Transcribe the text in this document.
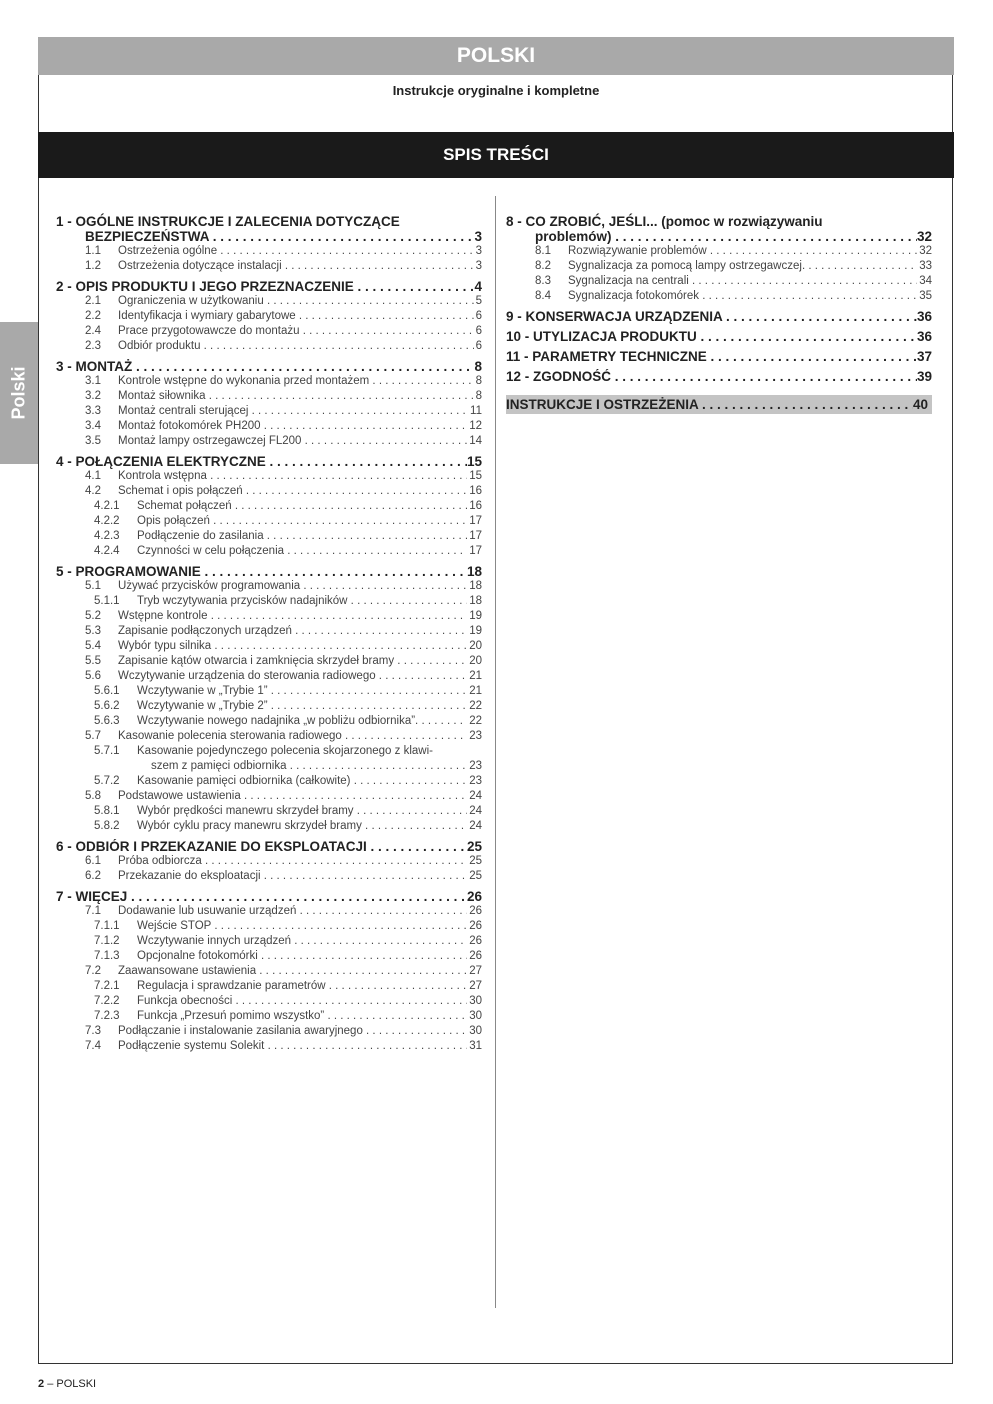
POLSKI
Instrukcje oryginalne i kompletne
SPIS TREŚCI
Polski
1 - OGÓLNE INSTRUKCJE I ZALECENIA DOTYCZĄCE
BEZPIECZEŃSTWA . . .	3
1.1	Ostrzeżenia ogólne . . .	3
1.2	Ostrzeżenia dotyczące instalacji . . .	3
2 - OPIS PRODUKTU I JEGO PRZEZNACZENIE . . .	4
2.1	Ograniczenia w użytkowaniu . . .	5
2.2	Identyfikacja i wymiary gabarytowe . . .	6
2.4	Prace przygotowawcze do montażu . . .	6
2.3	Odbiór produktu . . .	6
3 - MONTAŻ . . .	8
3.1	Kontrole wstępne do wykonania przed montażem . . .	8
3.2	Montaż siłownika . . .	8
3.3	Montaż centrali sterującej . . .	11
3.4	Montaż fotokomórek PH200 . . .	12
3.5	Montaż lampy ostrzegawczej FL200 . . .	14
4 - POŁĄCZENIA ELEKTRYCZNE . . .	15
4.1	Kontrola wstępna . . .	15
4.2	Schemat i opis połączeń . . .	16
4.2.1	Schemat połączeń . . .	16
4.2.2	Opis połączeń . . .	17
4.2.3	Podłączenie do zasilania . . .	17
4.2.4	Czynności w celu połączenia . . .	17
5 - PROGRAMOWANIE . . .	18
5.1	Używać przycisków programowania . . .	18
5.1.1	Tryb wczytywania przycisków nadajników . . .	18
5.2	Wstępne kontrole . . .	19
5.3	Zapisanie podłączonych urządzeń . . .	19
5.4	Wybór typu silnika . . .	20
5.5	Zapisanie kątów otwarcia i zamknięcia skrzydeł bramy . . .	20
5.6	Wczytywanie urządzenia do sterowania radiowego . . .	21
5.6.1	Wczytywanie w „Trybie 1” . . .	21
5.6.2	Wczytywanie w „Trybie 2” . . .	22
5.6.3	Wczytywanie nowego nadajnika „w pobliżu odbiornika”. . . .	22
5.7	Kasowanie polecenia sterowania radiowego . . .	23
5.7.1	Kasowanie pojedynczego polecenia skojarzonego z klawi-
szem z pamięci odbiornika . . .	23
5.7.2	Kasowanie pamięci odbiornika (całkowite) . . .	23
5.8	Podstawowe ustawienia . . .	24
5.8.1	Wybór prędkości manewru skrzydeł bramy . . .	24
5.8.2	Wybór cyklu pracy manewru skrzydeł bramy . . .	24
6 - ODBIÓR I PRZEKAZANIE DO EKSPLOATACJI . . .	25
6.1	Próba odbiorcza . . .	25
6.2	Przekazanie do eksploatacji . . .	25
7 - WIĘCEJ . . .	26
7.1	Dodawanie lub usuwanie urządzeń . . .	26
7.1.1	Wejście STOP . . .	26
7.1.2	Wczytywanie innych urządzeń . . .	26
7.1.3	Opcjonalne fotokomórki . . .	26
7.2	Zaawansowane ustawienia . . .	27
7.2.1	Regulacja i sprawdzanie parametrów . . .	27
7.2.2	Funkcja obecności . . .	30
7.2.3	Funkcja „Przesuń pomimo wszystko” . . .	30
7.3	Podłączanie i instalowanie zasilania awaryjnego . . .	30
7.4	Podłączenie systemu Solekit . . .	31
8 - CO ZROBIĆ, JEŚLI... (pomoc w rozwiązywaniu
problemów) . . .	32
8.1	Rozwiązywanie problemów . . .	32
8.2	Sygnalizacja za pomocą lampy ostrzegawczej. . . .	33
8.3	Sygnalizacja na centrali . . .	34
8.4	Sygnalizacja fotokomórek . . .	35
9 - KONSERWACJA URZĄDZENIA . . .	36
10 - UTYLIZACJA PRODUKTU . . .	36
11 - PARAMETRY TECHNICZNE . . .	37
12 - ZGODNOŚĆ . . .	39
INSTRUKCJE I OSTRZEŻENIA . . .	40
2 – POLSKI
